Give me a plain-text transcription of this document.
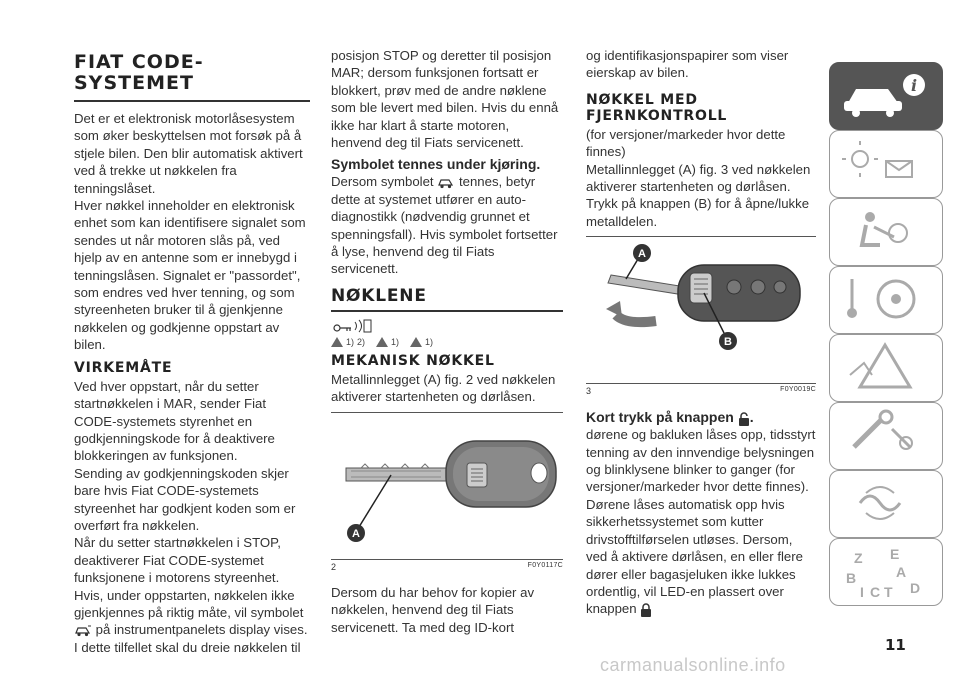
FIAT CODE-
SYSTEMET

Det er et elektronisk motorlåsesystem som øker beskyttelsen mot forsøk på å stjele bilen. Den blir automatisk aktivert ved å trekke ut nøkkelen fra tenningslåset.

Hver nøkkel inneholder en elektronisk enhet som kan identifisere signalet som sendes ut når motoren slås på, ved hjelp av en antenne som er innebygd i tenningslåsen. Signalet er "passordet", som endres ved hver tenning, og som styreenheten bruker til å gjenkjenne nøkkelen og godkjenne oppstart av bilen.

VIRKEMÅTE

Ved hver oppstart, når du setter startnøkkelen i MAR, sender Fiat CODE-systemets styrenhet en godkjenningskode for å deaktivere blokkeringen av funksjonen.

Sending av godkjenningskoden skjer bare hvis Fiat CODE-systemets styreenhet har godkjent koden som er overført fra nøkkelen.

Når du setter startnøkkelen i STOP, deaktiverer Fiat CODE-systemet funksjonene i motorens styreenhet. Hvis, under oppstarten, nøkkelen ikke gjenkjennes på riktig måte, vil symbolet  på instrumentpanelets display vises. I dette tilfellet skal du dreie nøkkelen til

posisjon STOP og deretter til posisjon MAR; dersom funksjonen fortsatt er blokkert, prøv med de andre nøklene som ble levert med bilen. Hvis du ennå ikke har klart å starte motoren, henvend deg til Fiats servicenett.

Symbolet tennes under kjøring.

Dersom symbolet tennes, betyr dette at systemet utfører en auto-diagnostikk (nødvendig grunnet et spenningsfall). Hvis symbolet fortsetter å lyse, henvend deg til Fiats servicenett.

NØKLENE
1) 2)	1)	1)
MEKANISK NØKKEL

Metallinnlegget (A) fig. 2 ved nøkkelen aktiverer startenheten og dørlåsen.

A
2	F0Y0117C

Dersom du har behov for kopier av nøkkelen, henvend deg til Fiats servicenett. Ta med deg ID-kort

og identifikasjonspapirer som viser eierskap av bilen.

NØKKEL MED
FJERNKONTROLL

(for versjoner/markeder hvor dette finnes)

Metallinnlegget (A) fig. 3 ved nøkkelen aktiverer startenheten og dørlåsen. Trykk på knappen (B) for å åpne/lukke metalldelen.

A
B
3	F0Y0019C
Kort trykk på knappen .

dørene og bakluken låses opp, tidsstyrt tenning av den innvendige belysningen og blinklysene blinker to ganger (for versjoner/markeder hvor dette finnes). Dørene låses automatisk opp hvis sikkerhetssystemet som kutter drivstofftilførselen utløses. Dersom, ved å aktivere dørlåsen, en eller flere dører eller bagasjeluken ikke lukkes ordentlig, vil LED-en plassert over knappen

i
Z E
B	A
I C T D
11
carmanualsonline.info
